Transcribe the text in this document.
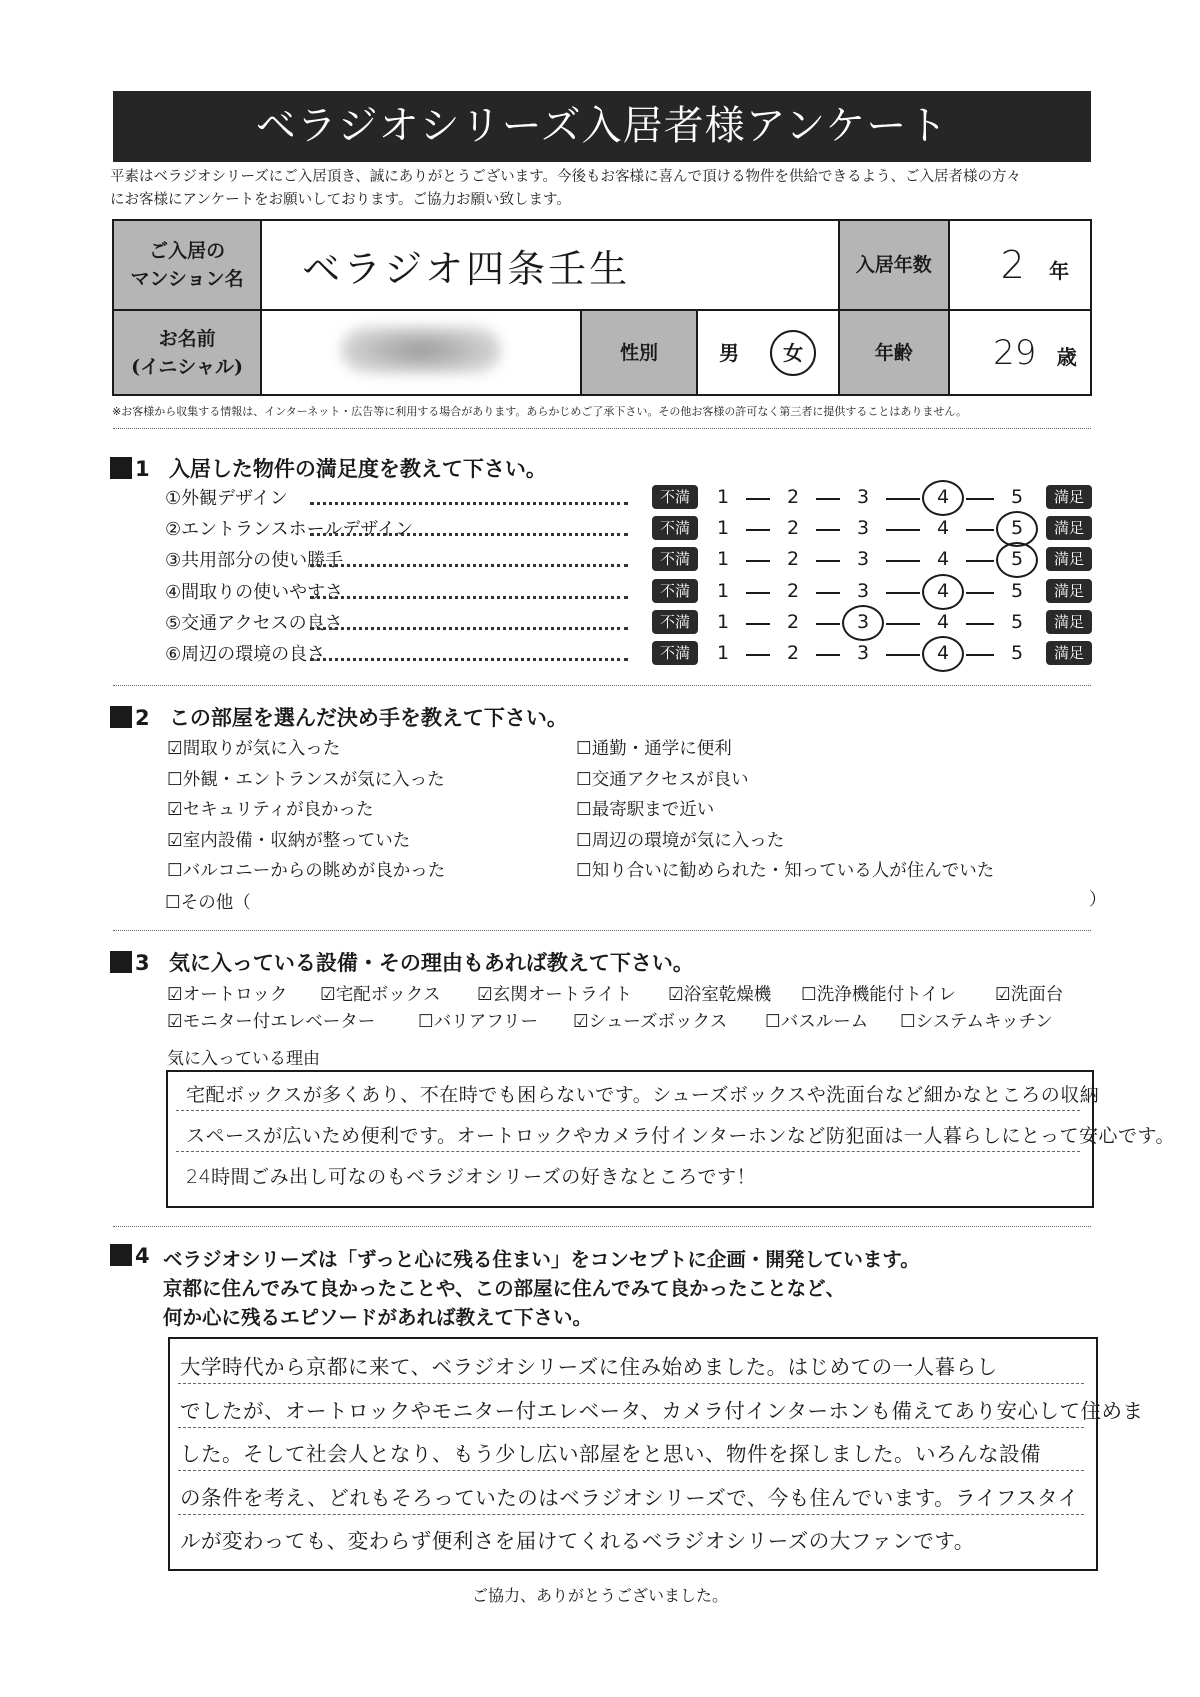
ベラジオシリーズ入居者様アンケート
平素はベラジオシリーズにご入居頂き、誠にありがとうございます。今後もお客様に喜んで頂ける物件を供給できるよう、ご入居者様の方々
にお客様にアンケートをお願いしております。ご協力お願い致します。
ご入居の
マンション名	ベラジオ四条壬生			入居年数	2 年

お名前
(イニシャル)		性別	男 女	年齢	29 歳
※お客様から収集する情報は、インターネット・広告等に利用する場合があります。あらかじめご了承下さい。その他お客様の許可なく第三者に提供することはありません。
1 入居した物件の満足度を教えて下さい。
①外観デザイン	不満	1	2	3	4	5	満足
②エントランスホールデザイン	不満	1	2	3	4	5	満足
③共用部分の使い勝手	不満	1	2	3	4	5	満足
④間取りの使いやすさ	不満	1	2	3	4	5	満足
⑤交通アクセスの良さ	不満	1	2	3	4	5	満足
⑥周辺の環境の良さ	不満	1	2	3	4	5	満足
2 この部屋を選んだ決め手を教えて下さい。
☑間取りが気に入った
☐外観・エントランスが気に入った
☑セキュリティが良かった
☑室内設備・収納が整っていた
☐バルコニーからの眺めが良かった
☐通勤・通学に便利
☐交通アクセスが良い
☐最寄駅まで近い
☐周辺の環境が気に入った
☐知り合いに勧められた・知っている人が住んでいた
☐その他（	）
3 気に入っている設備・その理由もあれば教えて下さい。
☑オートロック ☑宅配ボックス ☑玄関オートライト ☑浴室乾燥機 ☐洗浄機能付トイレ ☑洗面台
☑モニター付エレベーター ☐バリアフリー ☑シューズボックス ☐バスルーム ☐システムキッチン
気に入っている理由
宅配ボックスが多くあり、不在時でも困らないです。シューズボックスや洗面台など細かなところの収納
スペースが広いため便利です。オートロックやカメラ付インターホンなど防犯面は一人暮らしにとって安心です。
24時間ごみ出し可なのもベラジオシリーズの好きなところです！
4 ベラジオシリーズは「ずっと心に残る住まい」をコンセプトに企画・開発しています。
京都に住んでみて良かったことや、この部屋に住んでみて良かったことなど、
何か心に残るエピソードがあれば教えて下さい。
大学時代から京都に来て、ベラジオシリーズに住み始めました。はじめての一人暮らし
でしたが、オートロックやモニター付エレベータ、カメラ付インターホンも備えてあり安心して住めま
した。そして社会人となり、もう少し広い部屋をと思い、物件を探しました。いろんな設備
の条件を考え、どれもそろっていたのはベラジオシリーズで、今も住んでいます。ライフスタイ
ルが変わっても、変わらず便利さを届けてくれるベラジオシリーズの大ファンです。
ご協力、ありがとうございました。
